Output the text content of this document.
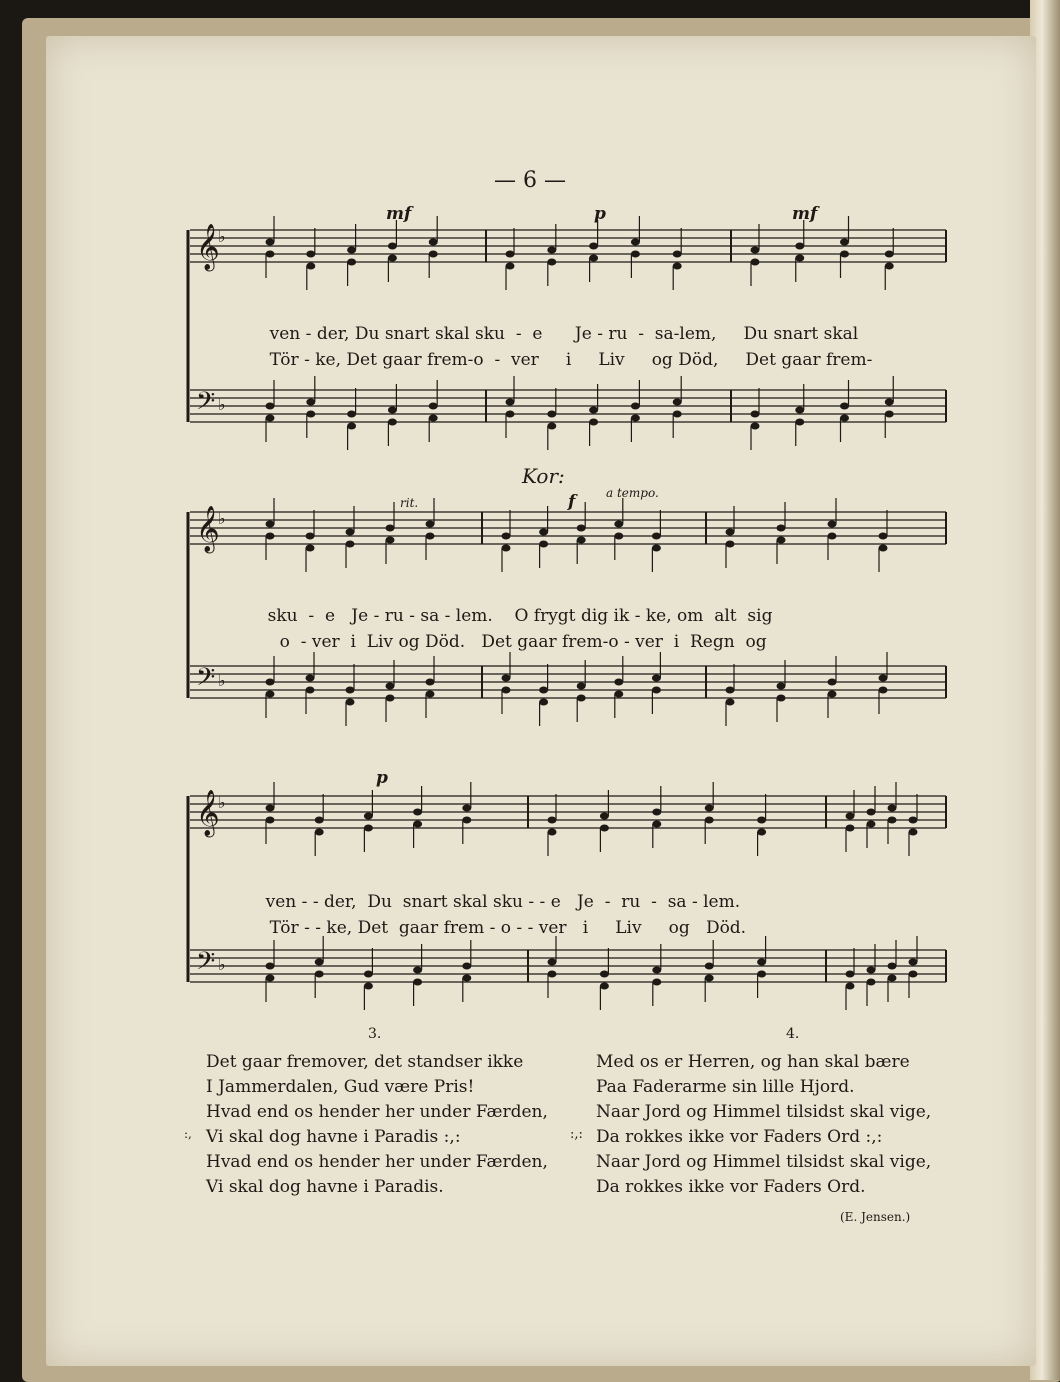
— 6 —
𝄞
♭
𝄢 ♭
mf	p	mf

ven - der, Du snart skal sku - e Je - ru - sa-lem, Du snart skal

Tör - ke, Det gaar frem-o - ver i Liv og Död, Det gaar frem-

Kor:
rit.
a tempo.
f
𝄞
♭
𝄢 ♭

sku - e Je - ru - sa - lem. O frygt dig ik - ke, om alt sig

o - ver i Liv og Död. Det gaar frem-o - ver i Regn og

p
𝄞
♭
𝄢 ♭

ven - - der, Du snart skal sku - - e Je - ru - sa - lem.

Tör - - ke, Det gaar frem - o - - ver i Liv og Död.

3.	4.
Det gaar fremover, det standser ikke
I Jammerdalen, Gud være Pris!
Hvad end os hender her under Færden,
:, Vi skal dog havne i Paradis :,:
Hvad end os hender her under Færden,
Vi skal dog havne i Paradis.
Med os er Herren, og han skal bære
Paa Faderarme sin lille Hjord.
Naar Jord og Himmel tilsidst skal vige,
:,: Da rokkes ikke vor Faders Ord :,:
Naar Jord og Himmel tilsidst skal vige,
Da rokkes ikke vor Faders Ord.
(E. Jensen.)
